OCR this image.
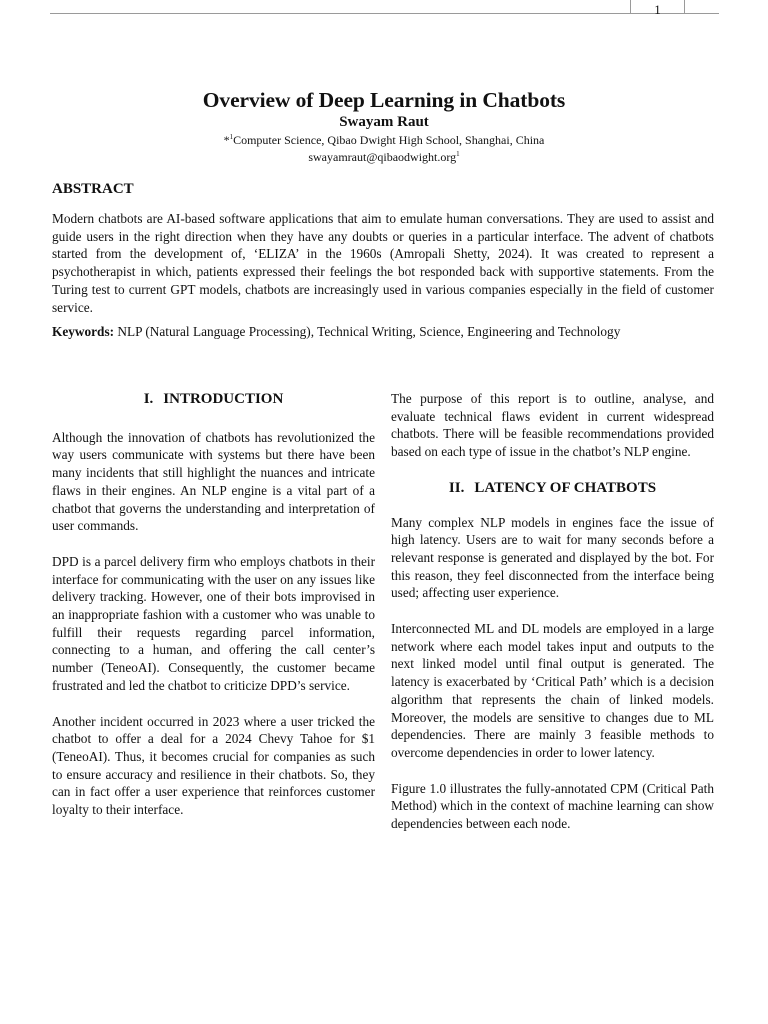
1
Overview of Deep Learning in Chatbots
Swayam Raut
*$^1$Computer Science, Qibao Dwight High School, Shanghai, China
swayamraut@qibaodwight.org$^1$
ABSTRACT

Modern chatbots are AI-based software applications that aim to emulate human conversations. They are used to assist and guide users in the right direction when they have any doubts or queries in a particular interface. The advent of chatbots started from the development of, ‘ELIZA’ in the 1960s (Amropali Shetty, 2024). It was created to represent a psychotherapist in which, patients expressed their feelings the bot responded back with supportive statements. From the Turing test to current GPT models, chatbots are increasingly used in various companies especially in the field of customer service.

Keywords: NLP (Natural Language Processing), Technical Writing, Science, Engineering and Technology

I. INTRODUCTION

Although the innovation of chatbots has revolutionized the way users communicate with systems but there have been many incidents that still highlight the nuances and intricate flaws in their engines. An NLP engine is a vital part of a chatbot that governs the understanding and interpretation of user commands.

DPD is a parcel delivery firm who employs chatbots in their interface for communicating with the user on any issues like delivery tracking. However, one of their bots improvised in an inappropriate fashion with a customer who was unable to fulfill their requests regarding parcel information, connecting to a human, and offering the call center’s number (TeneoAI). Consequently, the customer became frustrated and led the chatbot to criticize DPD’s service.

Another incident occurred in 2023 where a user tricked the chatbot to offer a deal for a 2024 Chevy Tahoe for $1 (TeneoAI). Thus, it becomes crucial for companies as such to ensure accuracy and resilience in their chatbots. So, they can in fact offer a user experience that reinforces customer loyalty to their interface.

The purpose of this report is to outline, analyse, and evaluate technical flaws evident in current widespread chatbots. There will be feasible recommendations provided based on each type of issue in the chatbot’s NLP engine.

II. LATENCY OF CHATBOTS

Many complex NLP models in engines face the issue of high latency. Users are to wait for many seconds before a relevant response is generated and displayed by the bot. For this reason, they feel disconnected from the interface being used; affecting user experience.

Interconnected ML and DL models are employed in a large network where each model takes input and outputs to the next linked model until final output is generated. The latency is exacerbated by ‘Critical Path’ which is a decision algorithm that represents the chain of linked models. Moreover, the models are sensitive to changes due to ML dependencies. There are mainly 3 feasible methods to overcome dependencies in order to lower latency.

Figure 1.0 illustrates the fully-annotated CPM (Critical Path Method) which in the context of machine learning can show dependencies between each node.
